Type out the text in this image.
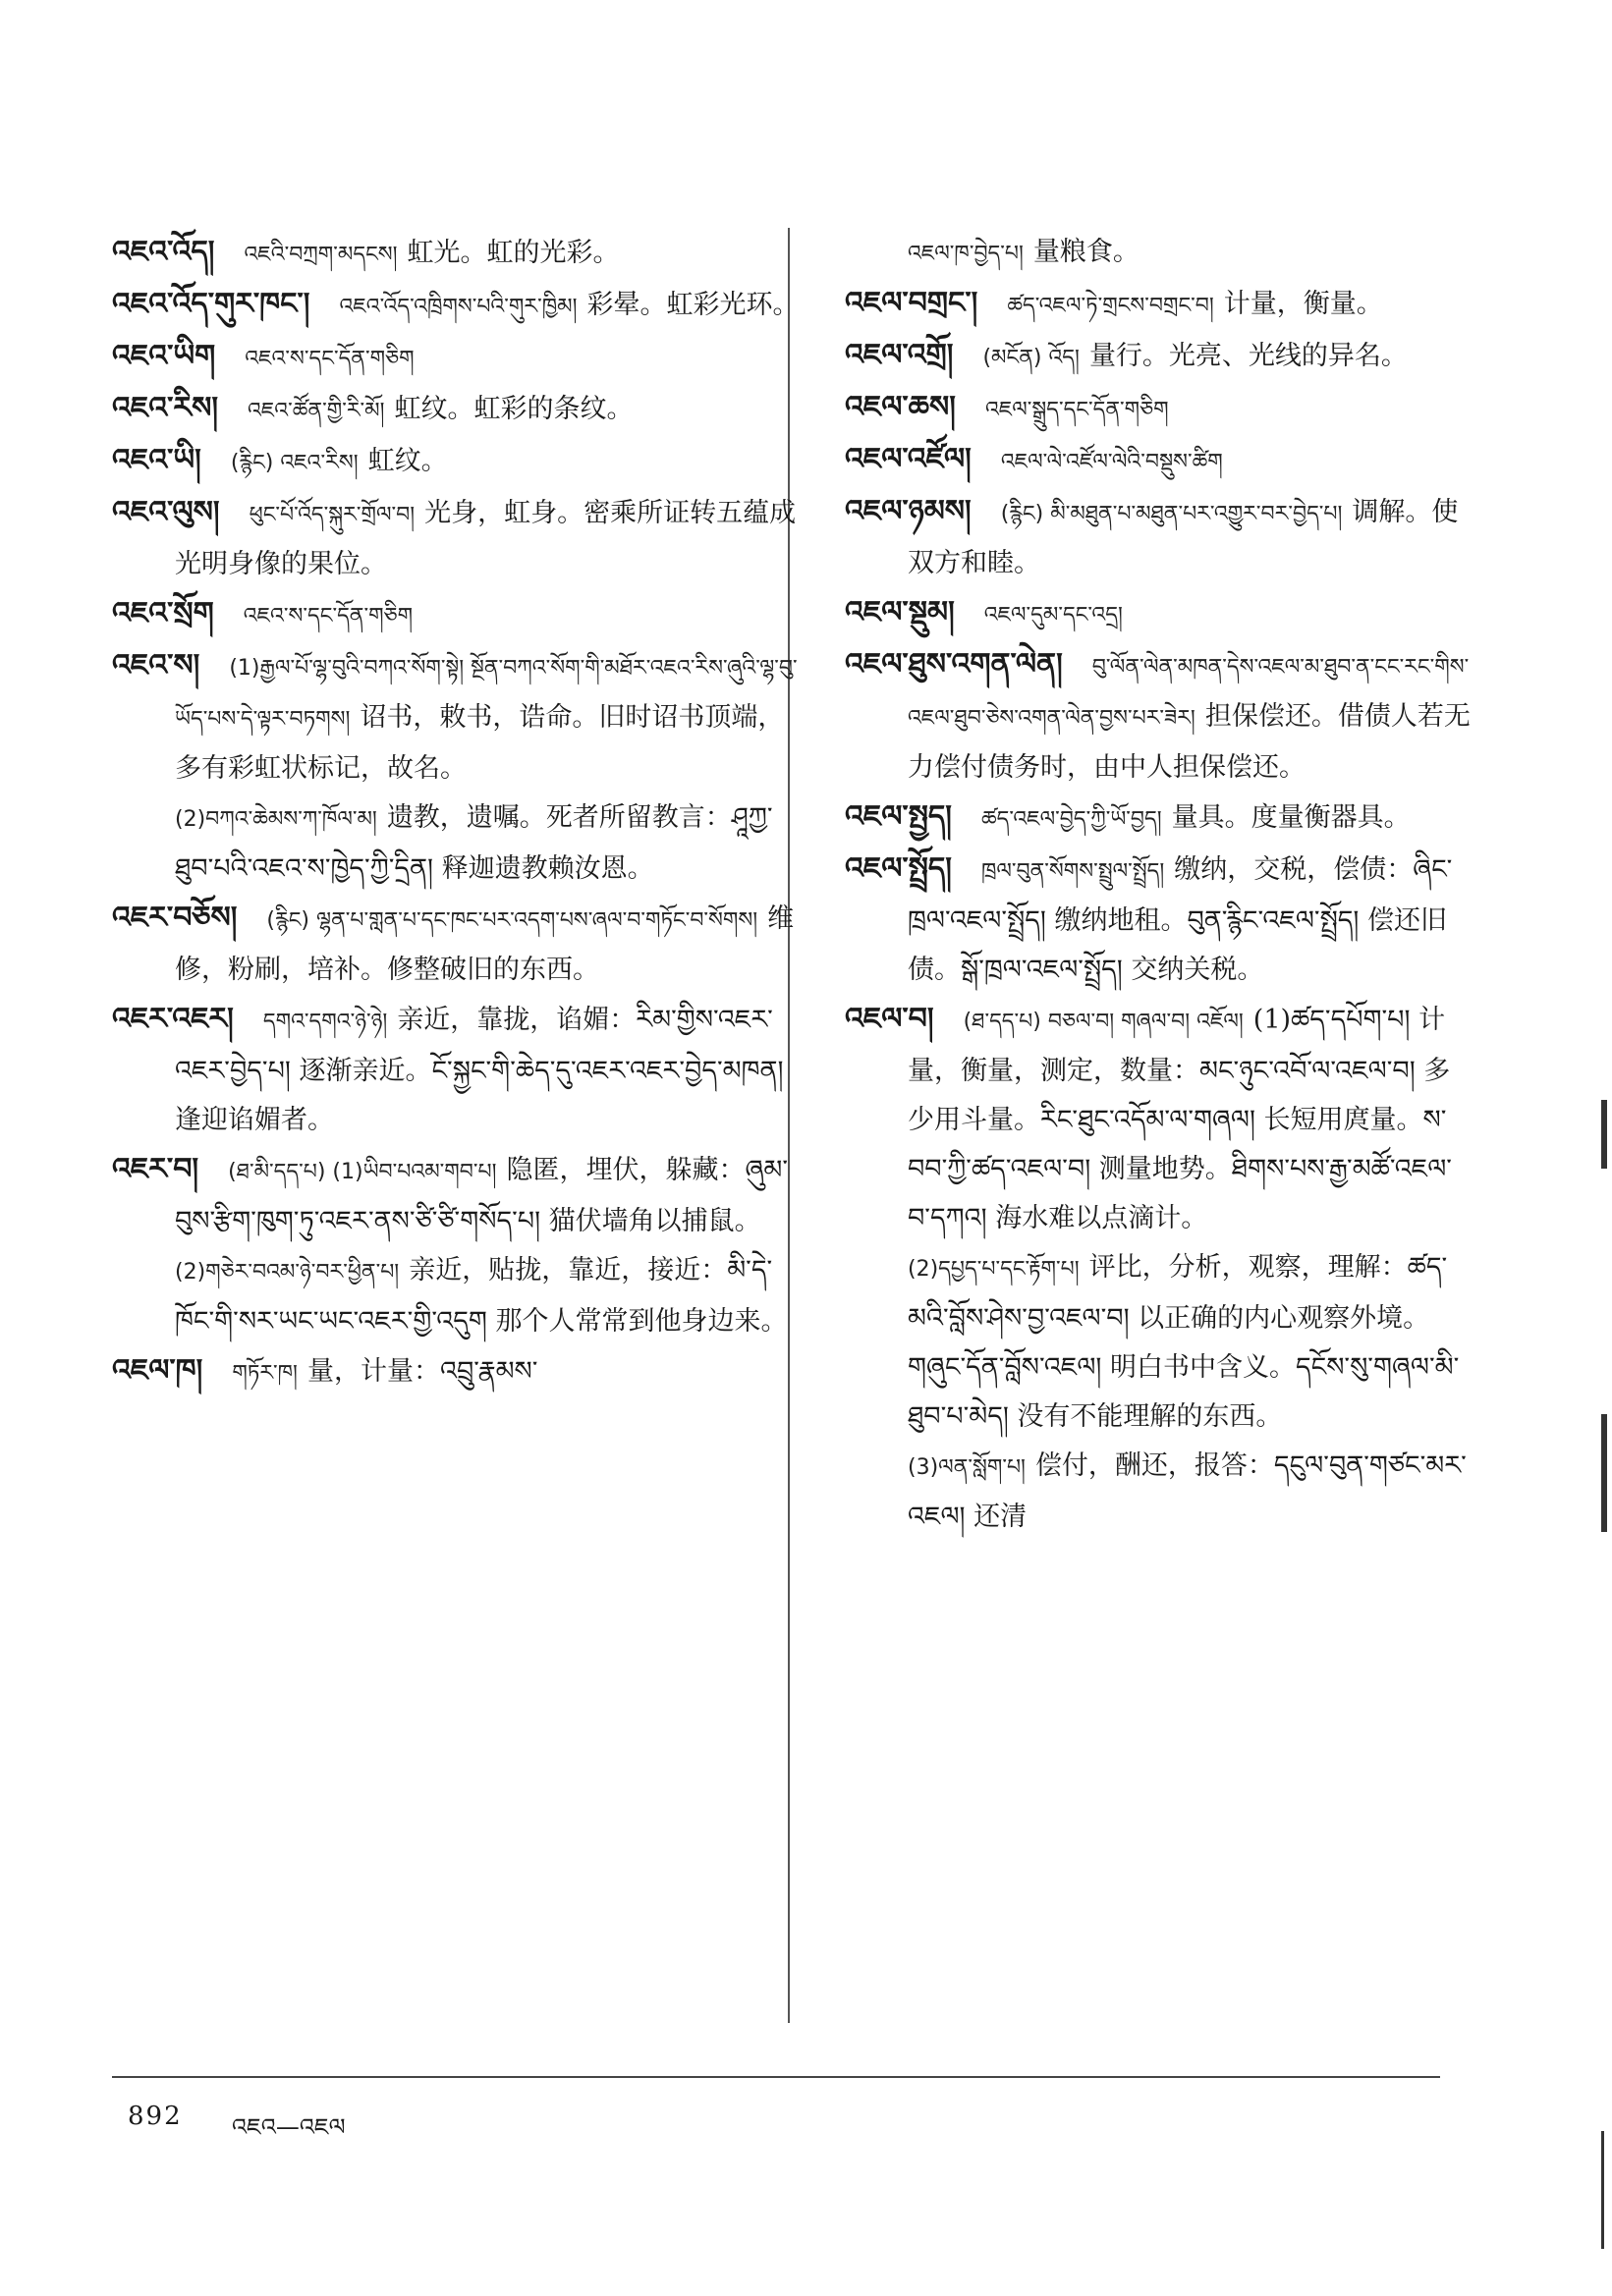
འཇའ་འོད། འཇའི་བཀྲག་མདངས། 虹光。虹的光彩。

འཇའ་འོད་གུར་ཁང་། འཇའ་འོད་འཁྲིགས་པའི་གུར་ཁྱིམ། 彩晕。虹彩光环。

འཇའ་ཡིག འཇའ་ས་དང་དོན་གཅིག

འཇའ་རིས། འཇའ་ཚོན་གྱི་རི་མོ། 虹纹。虹彩的条纹。

འཇའ་ཡི། (རྙིང) འཇའ་རིས། 虹纹。

འཇའ་ལུས། ཕུང་པོ་འོད་སྐུར་གྲོལ་བ། 光身，虹身。密乘所证转五蕴成光明身像的果位。

འཇའ་སྲོག འཇའ་ས་དང་དོན་གཅིག

འཇའ་ས། (1)རྒྱལ་པོ་ལྷ་བུའི་བཀའ་སོག་སྟེ། སྔོན་བཀའ་སོག་གི་མཐོར་འཇའ་རིས་ཞུའི་ལྷ་བུ་ཡོད་པས་དེ་ལྟར་བཏགས། 诏书，敕书，诰命。旧时诏书顶端，多有彩虹状标记，故名。

(2)བཀའ་ཆེམས་ཀ་ཁོལ་མ། 遗教，遗嘱。死者所留教言：ཤཱཀྱ་ཐུབ་པའི་འཇའ་ས་ཁྱེད་ཀྱི་དྲིན། 释迦遗教赖汝恩。

འཇར་བཅོས། (རྙིང) ལྷན་པ་གླན་པ་དང་ཁང་པར་འདག་པས་ཞལ་བ་གཏོང་བ་སོགས། 维修，粉刷，培补。修整破旧的东西。

འཇར་འཇར། དགའ་དགའ་ཉེ་ཉེ། 亲近，靠拢，谄媚：རིམ་གྱིས་འཇར་འཇར་བྱེད་པ། 逐渐亲近。ངོ་སྐྱང་གི་ཆེད་དུ་འཇར་འཇར་བྱེད་མཁན། 逢迎谄媚者。

འཇར་བ། (ཐ་མི་དད་པ) (1)ཡིབ་པའམ་གབ་པ། 隐匿，埋伏，躲藏：ཞུམ་བུས་རྩིག་ཁུག་ཏུ་འཇར་ནས་ཙི་ཙི་གསོད་པ། 猫伏墙角以捕鼠。

(2)གཅེར་བའམ་ཉེ་བར་ཕྱིན་པ། 亲近，贴拢，靠近，接近：མི་དེ་ཁོང་གི་སར་ཡང་ཡང་འཇར་གྱི་འདུག 那个人常常到他身边来。

འཇལ་ཁ། གཏོར་ཁ། 量，计量：འབྲུ་རྣམས་

འཇལ་ཁ་བྱེད་པ། 量粮食。

འཇལ་བགྲང་། ཚད་འཇལ་ཏེ་གྲངས་བགྲང་བ། 计量，衡量。

འཇལ་འགྲོ། (མངོན) འོད། 量行。光亮、光线的异名。

འཇལ་ཆས། འཇལ་སྒྲུད་དང་དོན་གཅིག

འཇལ་འཛོལ། འཇལ་ལེ་འཛོལ་ལེའི་བསྡུས་ཚིག

འཇལ་ཉམས། (རྙིང) མི་མཐུན་པ་མཐུན་པར་འགྱུར་བར་བྱེད་པ། 调解。使双方和睦。

འཇལ་སྡུམ། འཇལ་དུམ་དང་འདྲ།

འཇལ་ཐུས་འགན་ལེན། བུ་ལོན་ལེན་མཁན་དེས་འཇལ་མ་ཐུབ་ན་ངང་རང་གིས་འཇལ་ཐུབ་ཅེས་འགན་ལེན་བྱས་པར་ཟེར། 担保偿还。借债人若无力偿付债务时，由中人担保偿还。

འཇལ་སྤྱད། ཚད་འཇལ་བྱེད་ཀྱི་ཡོ་བྱད། 量具。度量衡器具。

འཇལ་སྤྲོད། ཁྲལ་བུན་སོགས་སྤྲུལ་སྤྲོད། 缴纳，交税，偿债：ཞིང་ཁྲལ་འཇལ་སྤྲོད། 缴纳地租。བུན་རྙིང་འཇལ་སྤྲོད། 偿还旧债。སྒོ་ཁྲལ་འཇལ་སྤྲོད། 交纳关税。

འཇལ་བ། (ཐ་དད་པ) བཅལ་བ། གཞལ་བ། འཇོལ། (1)ཚད་དཔོག་པ། 计量，衡量，测定，数量：མང་ཉུང་འབོ་ལ་འཇལ་བ། 多少用斗量。རིང་ཐུང་འདོམ་ལ་གཞལ། 长短用庹量。ས་བབ་ཀྱི་ཚད་འཇལ་བ། 测量地势。ཐིགས་པས་རྒྱ་མཚོ་འཇལ་བ་དཀའ། 海水难以点滴计。

(2)དཔྱད་པ་དང་རྟོག་པ། 评比，分析，观察，理解：ཚད་མའི་བློས་ཤེས་བྱ་འཇལ་བ། 以正确的内心观察外境。གཞུང་དོན་བློས་འཇལ། 明白书中含义。དངོས་སུ་གཞལ་མི་ཐུབ་པ་མེད། 没有不能理解的东西。

(3)ལན་སློག་པ། 偿付，酬还，报答：དངུལ་བུན་གཙང་མར་འཇལ། 还清

892 འཇའ—འཇལ
